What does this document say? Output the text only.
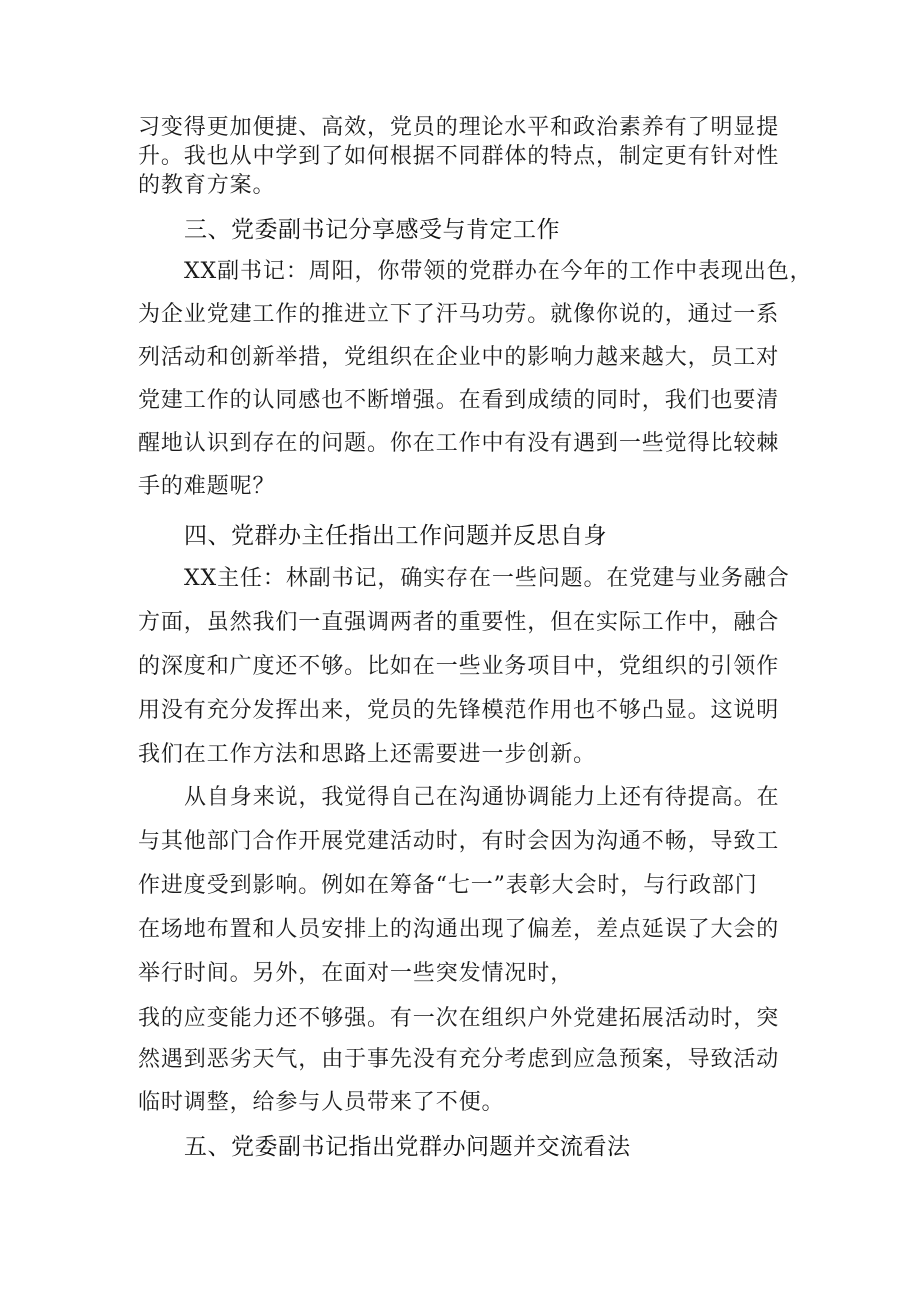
习变得更加便捷、高效，党员的理论水平和政治素养有了明显提
升。我也从中学到了如何根据不同群体的特点，制定更有针对性
的教育方案。
三、党委副书记分享感受与肯定工作
XX副书记：周阳，你带领的党群办在今年的工作中表现出色，
为企业党建工作的推进立下了汗马功劳。就像你说的，通过一系
列活动和创新举措，党组织在企业中的影响力越来越大，员工对
党建工作的认同感也不断增强。在看到成绩的同时，我们也要清
醒地认识到存在的问题。你在工作中有没有遇到一些觉得比较棘
手的难题呢？
四、党群办主任指出工作问题并反思自身
XX主任：林副书记，确实存在一些问题。在党建与业务融合
方面，虽然我们一直强调两者的重要性，但在实际工作中，融合
的深度和广度还不够。比如在一些业务项目中，党组织的引领作
用没有充分发挥出来，党员的先锋模范作用也不够凸显。这说明
我们在工作方法和思路上还需要进一步创新。
从自身来说，我觉得自己在沟通协调能力上还有待提高。在
与其他部门合作开展党建活动时，有时会因为沟通不畅，导致工
作进度受到影响。例如在筹备“七一”表彰大会时，与行政部门
在场地布置和人员安排上的沟通出现了偏差，差点延误了大会的
举行时间。另外，在面对一些突发情况时，
我的应变能力还不够强。有一次在组织户外党建拓展活动时，突
然遇到恶劣天气，由于事先没有充分考虑到应急预案，导致活动
临时调整，给参与人员带来了不便。
五、党委副书记指出党群办问题并交流看法
